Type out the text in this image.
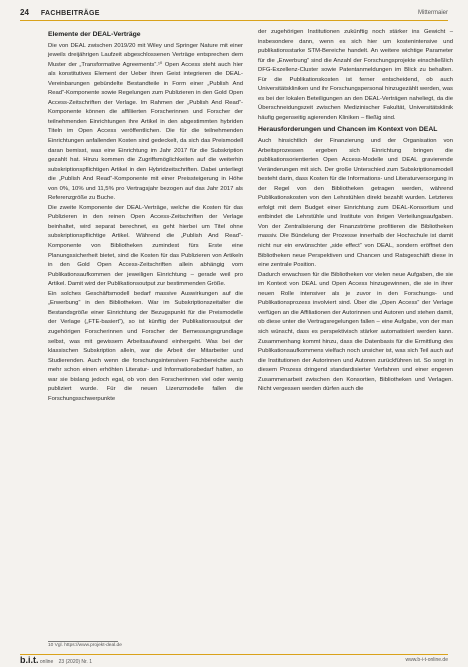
24 FACHBEITRÄGE	Mittermaier

Elemente der DEAL-Verträge

Die von DEAL zwischen 2019/20 mit Wiley und Springer Nature mit einer jeweils dreijährigen Laufzeit abgeschlossenen Verträge entsprechen dem Muster der „Transformative Agreements“.¹⁰ Open Access steht auch hier als konstitutives Element der Ueber ihren Geist integrieren die DEAL-Vereinbarungen gebündelte Bestandteile in Form einer „Publish And Read“-Komponente sowie Regelungen zum Publizieren in den Gold Open Access-Zeitschriften der Verlage. Im Rahmen der „Publish And Read“-Komponente können die affiliierten Forscherinnen und Forscher der teilnehmenden Einrichtungen ihre Artikel in den abgestimmten hybriden Titeln im Open Access veröffentlichen. Die für die teilnehmenden Einrichtungen anfallenden Kosten sind gedeckelt, da sich das Preismodell daran bemisst, was eine Einrichtung im Jahr 2017 für die Subskription gezahlt hat. Hinzu kommen die Zugriffsmöglichkeiten auf die weiterhin subskriptionspflichtigen Artikel in den Hybridzeitschriften. Dabei unterliegt die „Publish And Read“-Komponente mit einer Preissteigerung in Höhe von 0%, 10% und 11,5% pro Vertragsjahr bezogen auf das Jahr 2017 als Referenzgröße zu Buche.

Die zweite Komponente der DEAL-Verträge, welche die Kosten für das Publizieren in den reinen Open Access-Zeitschriften der Verlage beinhaltet, wird separat berechnet, es geht hierbei um Titel ohne subskriptionspflichtige Artikel. Während die „Publish And Read“-Komponente von Bibliotheken zumindest fürs Erste eine Planungssicherheit bietet, sind die Kosten für das Publizieren von Artikeln in den Gold Open Access-Zeitschriften allein abhängig vom Publikationsaufkommen der jeweiligen Einrichtung – gerade weil pro Artikel. Damit wird der Publikationsoutput zur bestimmenden Größe.

Ein solches Geschäftsmodell bedarf massive Auswirkungen auf die „Erwerbung“ in den Bibliotheken. War im Subskriptionszeitalter die Bestandsgröße einer Einrichtung der Bezugspunkt für die Preismodelle der Verlage („FTE-basiert“), so ist künftig der Publikationsoutput der zugehörigen Forscherinnen und Forscher der Bemessungsgrundlage selbst, was mit gewissem Arbeitsaufwand einhergeht. Was bei der klassischen Subskription allein, war die Arbeit der Mitarbeiter und Studierenden. Auch wenn die forschungsintensiven Fachbereiche auch mehr schon einen erhöhten Literatur- und Informationsbedarf hatten, so war sie bislang jedoch egal, ob von den Forscherinnen viel oder wenig publiziert wurde. Für die neuen Lizenzmodelle fallen die Forschungsschwerpunkte

der zugehörigen Institutionen zukünftig noch stärker ins Gewicht – insbesondere dann, wenn es sich hier um kostenintensive und publikationsstarke STM-Bereiche handelt. An weitere wichtige Parameter für die „Erwerbung“ sind die Anzahl der Forschungsprojekte einschließlich DFG-Exzellenz-Cluster sowie Patentanmeldungen im Blick zu behalten. Für die Publikationskosten ist ferner entscheidend, ob auch Universitätskliniken und ihr Forschungspersonal hinzugezählt werden, was es bei der lokalen Beteiligungen an den DEAL-Verträgen naheliegt, da die Überschneidungszeit zwischen Medizinischer Fakultät, Universitätsklinik häufig gegenseitig agierenden Kliniken – fließig sind.

Herausforderungen und Chancen im Kontext von DEAL

Auch hinsichtlich der Finanzierung und der Organisation von Arbeitsprozessen ergeben sich Einrichtung bringen die publikationsorientierten Open Access-Modelle und DEAL gravierende Veränderungen mit sich. Der große Unterschied zum Subskriptionsmodell besteht darin, dass Kosten für die Informations- und Literaturversorgung in der Regel von den Bibliotheken getragen werden, während Publikationskosten von den Lehrstühlen direkt bezahlt wurden. Letzteres erfolgt mit dem Budget einer Einrichtung zum DEAL-Konsortium und entbindet die Lehrstühle und Institute von ihrigen Verteilungsaufgaben. Von der Zentralisierung der Finanzströme profitieren die Bibliotheken massiv. Die Bündelung der Prozesse innerhalb der Hochschule ist damit nicht nur ein erwünschter „side effect“ von DEAL, sondern eröffnet den Bibliotheken neue Perspektiven und Chancen und Ratsgeschäft diese in eine zentrale Position.

Dadurch erwachsen für die Bibliotheken vor vielen neue Aufgaben, die sie im Kontext von DEAL und Open Access hinzugewinnen, die sie in ihrer neuen Rolle intensiver als je zuvor in den Forschungs- und Publikationsprozess involviert sind. Über die „Open Access“ der Verlage verfügen an die Affiliationen der Autorinnen und Autoren und stehen damit, ob diese unter die Vertragsregelungen fallen – eine Aufgabe, von der man sich wünscht, dass es perspektivisch stärker automatisiert werden kann. Zusammenhang kommt hinzu, dass die Datenbasis für die Ermittlung des Publikationsaufkommens vielfach noch unsicher ist, was sich Teil auch auf die Institutionen der Autorinnen und Autoren zurückführen ist. So sorgt in diesem Prozess dringend standardisierter Verfahren und einer engeren Zusammenarbeit zwischen den Konsortien, Bibliotheken und Verlagen. Nicht vergessen werden dürfen auch die

10 Vgl. https://www.projekt-deal.de
b.i.t. online 23 (2020) Nr. 1	www.b-i-t-online.de
